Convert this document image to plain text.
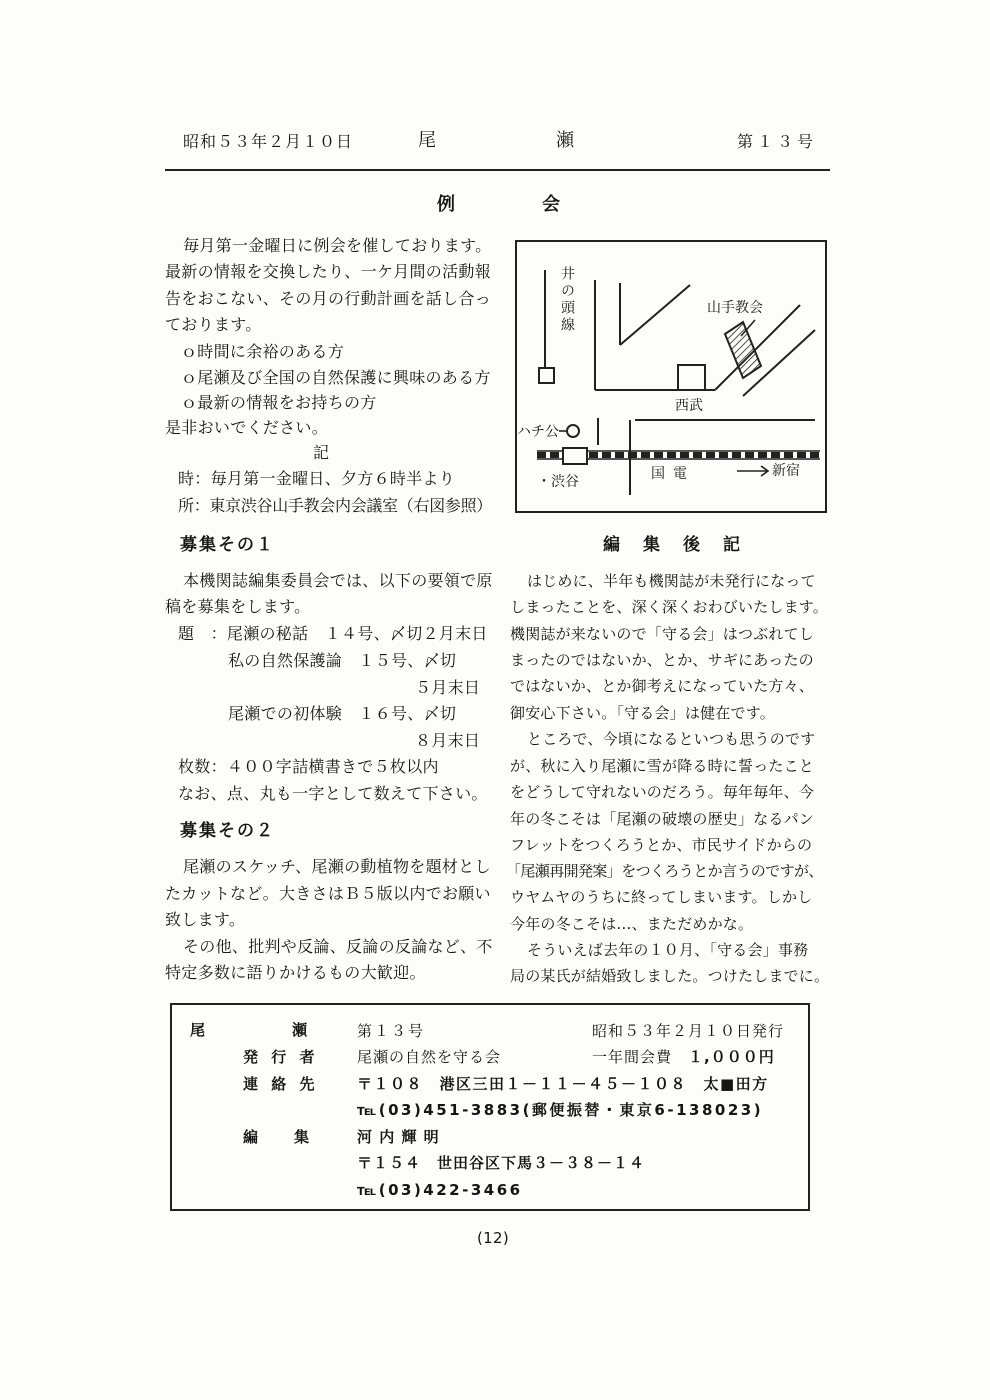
昭和５３年２月１０日	尾	瀬	第１３号
例　　会
毎月第一金曜日に例会を催しております。
最新の情報を交換したり、一ケ月間の活動報
告をおこない、その月の行動計画を話し合っ
ております。
ｏ時間に余裕のある方
ｏ尾瀬及び全国の自然保護に興味のある方
ｏ最新の情報をお持ちの方
是非おいでください。
記
時：毎月第一金曜日、夕方６時半より
所：東京渋谷山手教会内会議室（右図参照）
井の頭線	山手教会
西武
ハチ公
・渋谷	国電	新宿
募集その１
本機関誌編集委員会では、以下の要領で原
稿を募集をします。
題　：尾瀬の秘話　１４号、〆切２月末日
私の自然保護論　１５号、〆切
５月末日
尾瀬での初体験　１６号、〆切
８月末日
枚数：４００字詰横書きで５枚以内
なお、点、丸も一字として数えて下さい。
募集その２
尾瀬のスケッチ、尾瀬の動植物を題材とし
たカットなど。大きさはＢ５版以内でお願い
致します。
その他、批判や反論、反論の反論など、不
特定多数に語りかけるもの大歓迎。
編　集　後　記
はじめに、半年も機関誌が未発行になって
しまったことを、深く深くおわびいたします。
機関誌が来ないので「守る会」はつぶれてし
まったのではないか、とか、サギにあったの
ではないか、とか御考えになっていた方々、
御安心下さい。「守る会」は健在です。
ところで、今頃になるといつも思うのです
が、秋に入り尾瀬に雪が降る時に誓ったこと
をどうして守れないのだろう。毎年毎年、今
年の冬こそは「尾瀬の破壊の歴史」なるパン
フレットをつくろうとか、市民サイドからの
「尾瀬再開発案」をつくろうとか言うのですが、
ウヤムヤのうちに終ってしまいます。しかし
今年の冬こそは…、まただめかな。
そういえば去年の１０月、「守る会」事務
局の某氏が結婚致しました。つけたしまでに。
尾	瀬	第１３号	昭和５３年２月１０日発行
発 行 者	尾瀬の自然を守る会	一年間会費 １,０００円
連 絡 先	〒１０８　港区三田１－１１－４５－１０８　太■田方
℡(03)451-3883(郵便振替・東京6-138023)
編　　集	河 内 輝 明
〒１５４　世田谷区下馬３－３８－１４
℡(03)422-3466
(12)
